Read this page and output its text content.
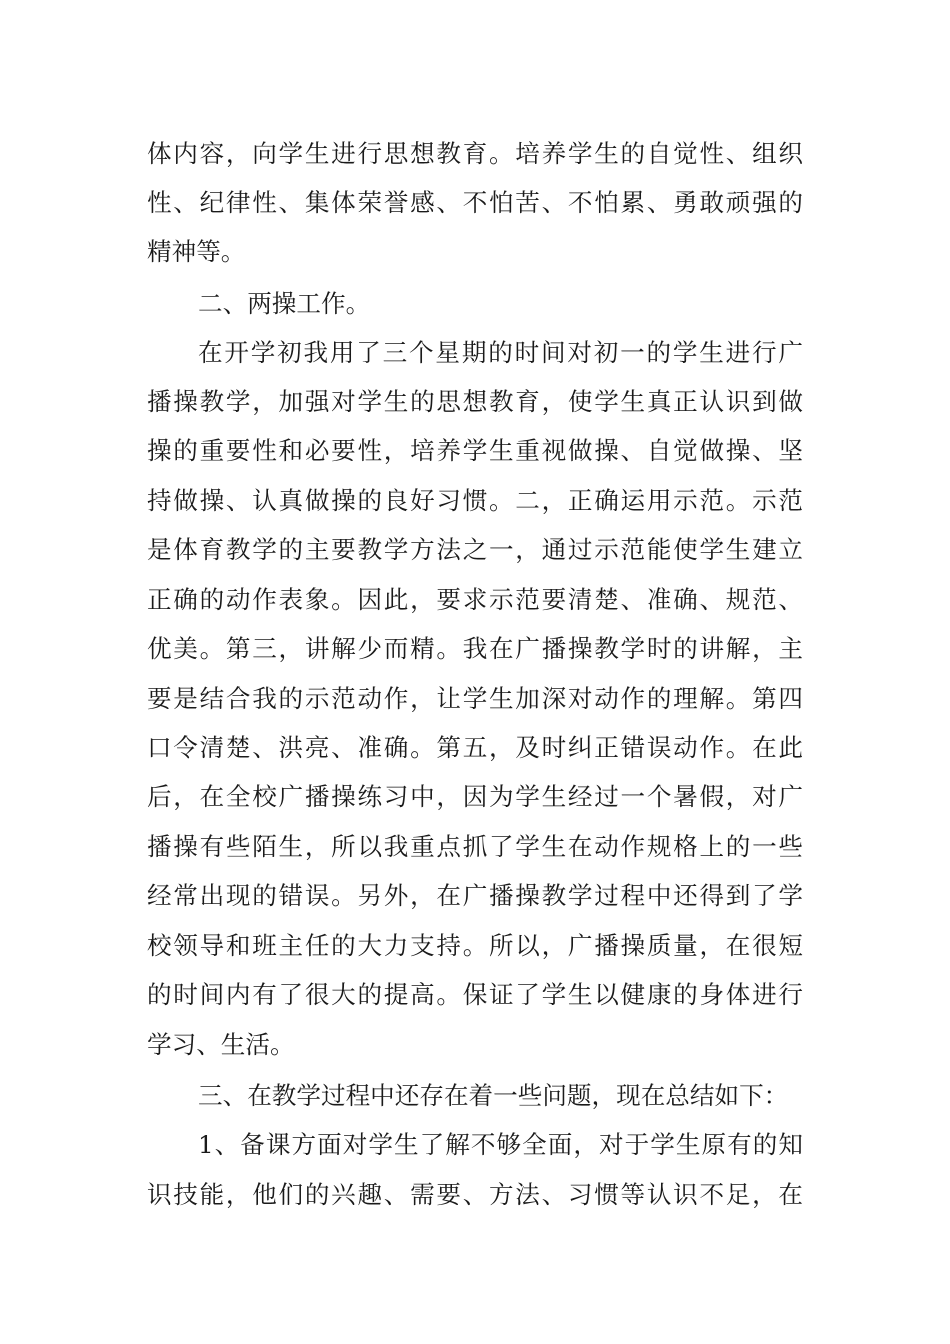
体内容，向学生进行思想教育。培养学生的自觉性、组织
性、纪律性、集体荣誉感、不怕苦、不怕累、勇敢顽强的
精神等。
二、两操工作。
在开学初我用了三个星期的时间对初一的学生进行广
播操教学，加强对学生的思想教育，使学生真正认识到做
操的重要性和必要性，培养学生重视做操、自觉做操、坚
持做操、认真做操的良好习惯。二，正确运用示范。示范
是体育教学的主要教学方法之一，通过示范能使学生建立
正确的动作表象。因此，要求示范要清楚、准确、规范、
优美。第三，讲解少而精。我在广播操教学时的讲解，主
要是结合我的示范动作，让学生加深对动作的理解。第四
口令清楚、洪亮、准确。第五，及时纠正错误动作。在此
后，在全校广播操练习中，因为学生经过一个暑假，对广
播操有些陌生，所以我重点抓了学生在动作规格上的一些
经常出现的错误。另外，在广播操教学过程中还得到了学
校领导和班主任的大力支持。所以，广播操质量，在很短
的时间内有了很大的提高。保证了学生以健康的身体进行
学习、生活。
三、在教学过程中还存在着一些问题，现在总结如下：
1、备课方面对学生了解不够全面，对于学生原有的知
识技能，他们的兴趣、需要、方法、习惯等认识不足，在
